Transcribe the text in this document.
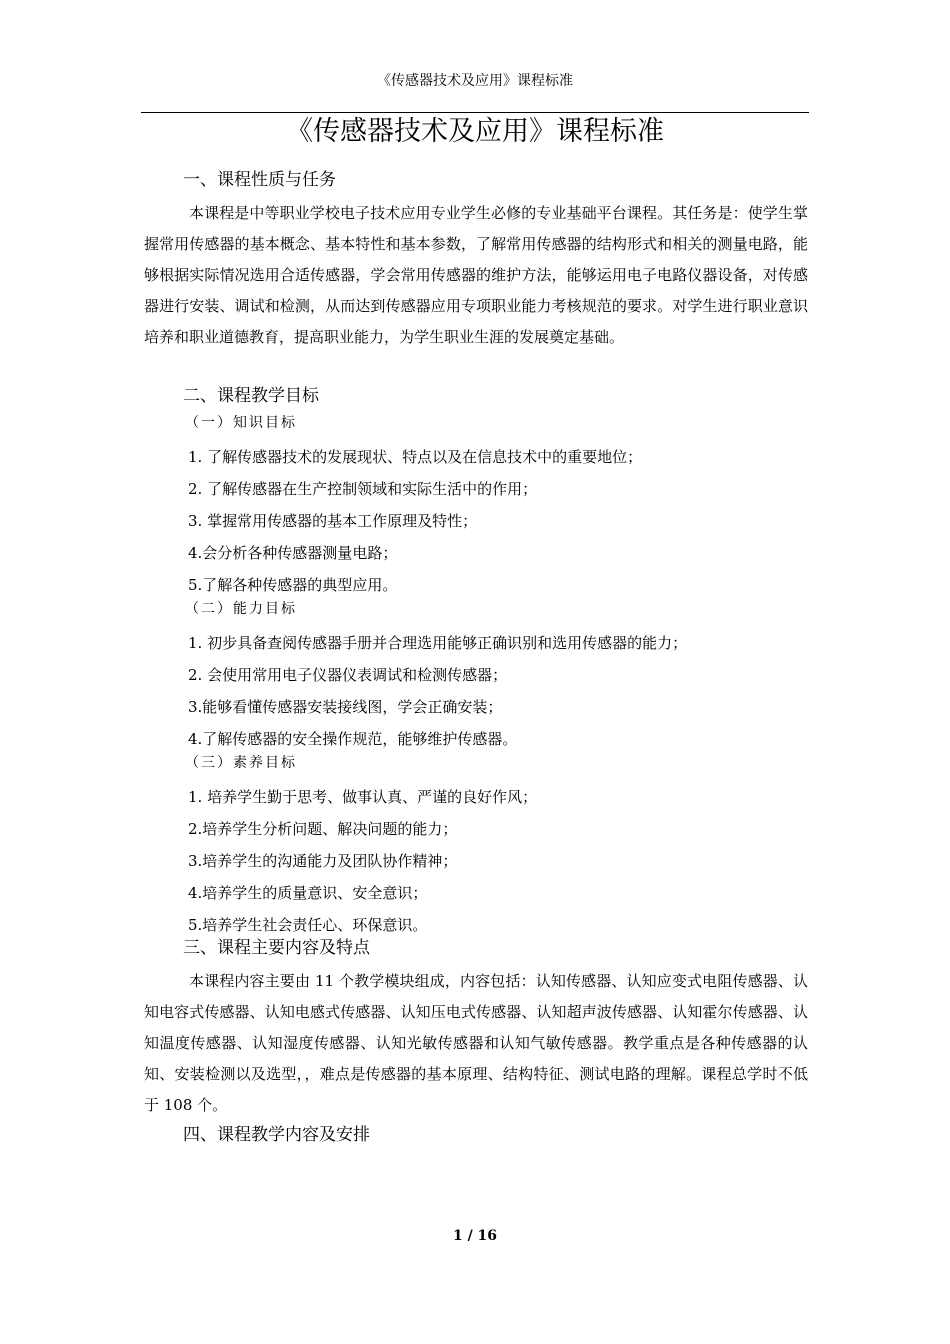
《传感器技术及应用》课程标准
《传感器技术及应用》课程标准
一、课程性质与任务
本课程是中等职业学校电子技术应用专业学生必修的专业基础平台课程。其任务是：使学生掌握常用传感器的基本概念、基本特性和基本参数，了解常用传感器的结构形式和相关的测量电路，能够根据实际情况选用合适传感器，学会常用传感器的维护方法，能够运用电子电路仪器设备，对传感器进行安装、调试和检测，从而达到传感器应用专项职业能力考核规范的要求。对学生进行职业意识培养和职业道德教育，提高职业能力，为学生职业生涯的发展奠定基础。
二、课程教学目标
（一）知识目标
1. 了解传感器技术的发展现状、特点以及在信息技术中的重要地位；
2. 了解传感器在生产控制领域和实际生活中的作用；
3. 掌握常用传感器的基本工作原理及特性；
4.会分析各种传感器测量电路；
5.了解各种传感器的典型应用。
（二）能力目标
1. 初步具备查阅传感器手册并合理选用能够正确识别和选用传感器的能力；
2. 会使用常用电子仪器仪表调试和检测传感器；
3.能够看懂传感器安装接线图，学会正确安装；
4.了解传感器的安全操作规范，能够维护传感器。
（三）素养目标
1. 培养学生勤于思考、做事认真、严谨的良好作风；
2.培养学生分析问题、解决问题的能力；
3.培养学生的沟通能力及团队协作精神；
4.培养学生的质量意识、安全意识；
5.培养学生社会责任心、环保意识。
三、课程主要内容及特点
本课程内容主要由 11 个教学模块组成，内容包括：认知传感器、认知应变式电阻传感器、认知电容式传感器、认知电感式传感器、认知压电式传感器、认知超声波传感器、认知霍尔传感器、认知温度传感器、认知湿度传感器、认知光敏传感器和认知气敏传感器。教学重点是各种传感器的认知、安装检测以及选型，，难点是传感器的基本原理、结构特征、测试电路的理解。课程总学时不低于 108 个。
四、课程教学内容及安排
1 / 16
